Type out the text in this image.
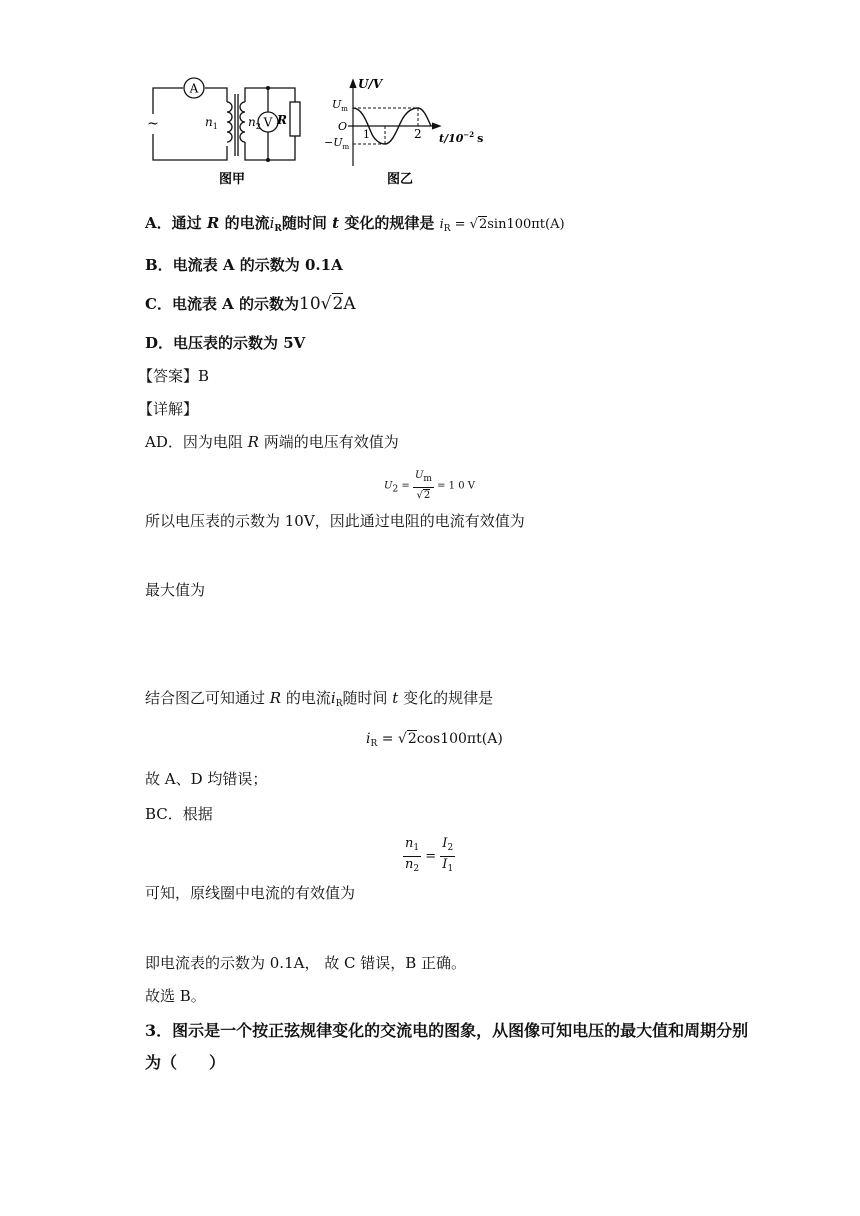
A
V
~	$n_1$	$n_2$ R
图甲
U/V
$U_m$
O
$-U_m$
1	2 $t/10^{-2}$ s
图乙
A．通过 R 的电流$i_R$随时间 t 变化的规律是 $i_R = √2\sin 100\pi t(A)$
B．电流表 A 的示数为 0.1A
C．电流表 A 的示数为10√2A
D．电压表的示数为 5V
【答案】B
【详解】
AD．因为电阻 R 两端的电压有效值为
$U2 = \frac{Um}{√2} = 1$ 0 V
所以电压表的示数为 10V，因此通过电阻的电流有效值为
最大值为
结合图乙可知通过 R 的电流$i_R$随时间 t 变化的规律是
$i_R = √2\cos 100\pi t(A)$
故 A、D 均错误；
BC．根据
$\frac{n_1}{n_2} = \frac{I_2}{I_1}$
可知，原线圈中电流的有效值为
即电流表的示数为 0.1A， 故 C 错误，B 正确。
故选 B。
3．图示是一个按正弦规律变化的交流电的图象，从图像可知电压的最大值和周期分别
为（　　）
